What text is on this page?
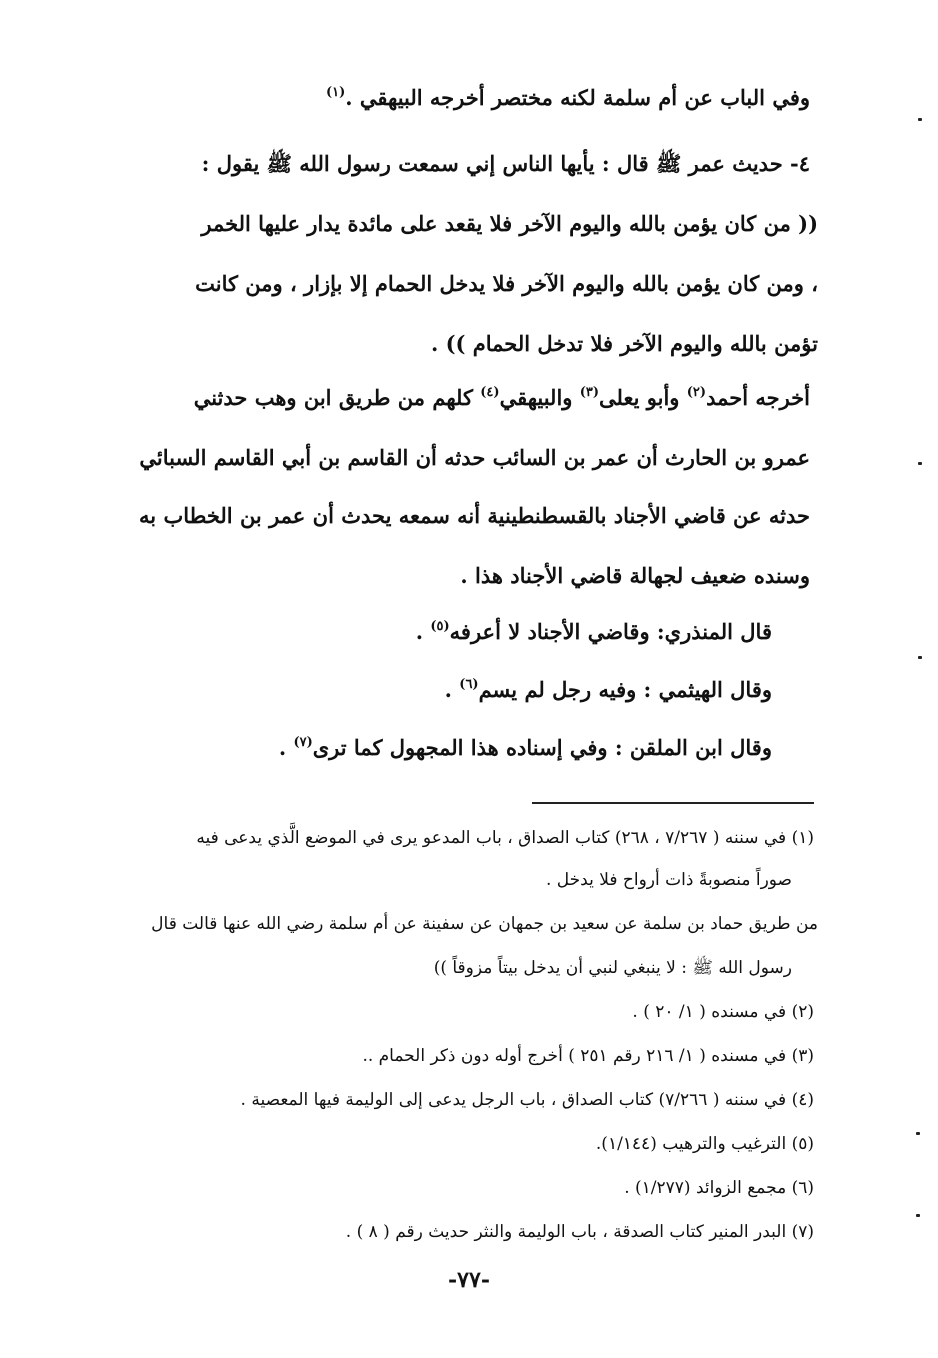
وفي الباب عن أم سلمة لكنه مختصر أخرجه البيهقي .$^{(١)}$
٤- حديث عمر ﷺ قال : يأيها الناس إني سمعت رسول الله ﷺ يقول :
(( من كان يؤمن بالله واليوم الآخر فلا يقعد على مائدة يدار عليها الخمر
، ومن كان يؤمن بالله واليوم الآخر فلا يدخل الحمام إلا بإزار ، ومن كانت
تؤمن بالله واليوم الآخر فلا تدخل الحمام )) .
أخرجه أحمد$^{(٢)}$ وأبو يعلى$^{(٣)}$ والبيهقي$^{(٤)}$ كلهم من طريق ابن وهب حدثني
عمرو بن الحارث أن عمر بن السائب حدثه أن القاسم بن أبي القاسم السبائي
حدثه عن قاضي الأجناد بالقسطنطينية أنه سمعه يحدث أن عمر بن الخطاب به
وسنده ضعيف لجهالة قاضي الأجناد هذا .
قال المنذري: وقاضي الأجناد لا أعرفه$^{(٥)}$ .
وقال الهيثمي : وفيه رجل لم يسم$^{(٦)}$ .
وقال ابن الملقن : وفي إسناده هذا المجهول كما ترى$^{(٧)}$ .
(١) في سننه ( ٧/٢٦٧ ، ٢٦٨) كتاب الصداق ، باب المدعو يرى في الموضع الَّذي يدعى فيه
صوراً منصوبةً ذات أرواح فلا يدخل .
من طريق حماد بن سلمة عن سعيد بن جمهان عن سفينة عن أم سلمة رضي الله عنها قالت قال
رسول الله ﷺ : لا ينبغي لنبي أن يدخل بيتاً مزوقاً ))
(٢) في مسنده ( ١/ ٢٠ ) .
(٣) في مسنده ( ١/ ٢١٦ رقم ٢٥١ ) أخرج أوله دون ذكر الحمام ..
(٤) في سننه ( ٧/٢٦٦) كتاب الصداق ، باب الرجل يدعى إلى الوليمة فيها المعصية .
(٥) الترغيب والترهيب (١/١٤٤).
(٦) مجمع الزوائد (١/٢٧٧) .
(٧) البدر المنير كتاب الصدقة ، باب الوليمة والنثر حديث رقم ( ٨ ) .
-٧٧-
